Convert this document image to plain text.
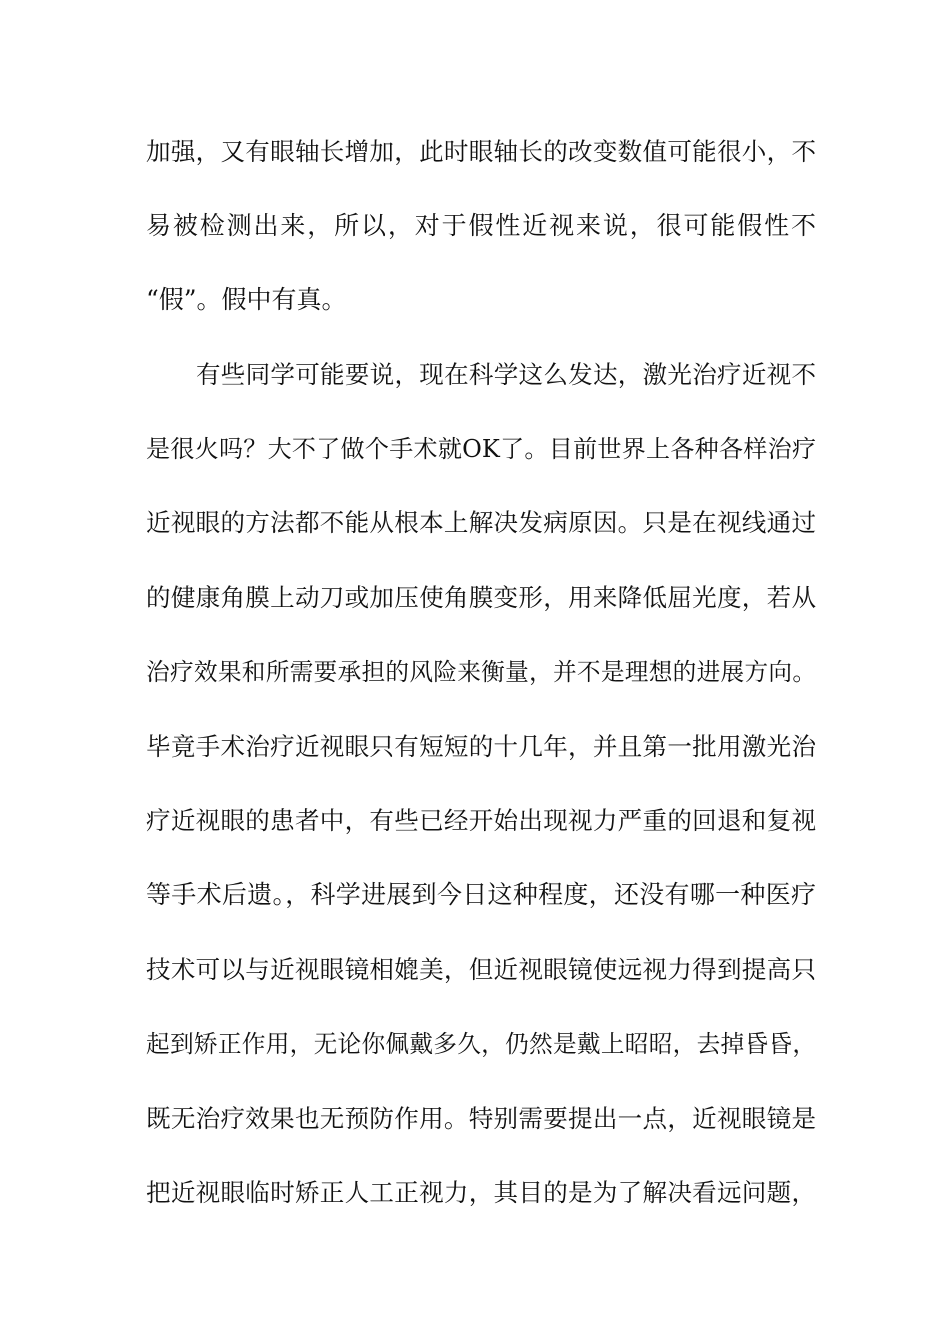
加强，又有眼轴长增加，此时眼轴长的改变数值可能很小，不
易被检测出来，所以，对于假性近视来说，很可能假性不
“假”。假中有真。
有些同学可能要说，现在科学这么发达，激光治疗近视不
是很火吗？大不了做个手术就OK了。目前世界上各种各样治疗
近视眼的方法都不能从根本上解决发病原因。只是在视线通过
的健康角膜上动刀或加压使角膜变形，用来降低屈光度，若从
治疗效果和所需要承担的风险来衡量，并不是理想的进展方向。
毕竟手术治疗近视眼只有短短的十几年，并且第一批用激光治
疗近视眼的患者中，有些已经开始出现视力严重的回退和复视
等手术后遗。，科学进展到今日这种程度，还没有哪一种医疗
技术可以与近视眼镜相媲美，但近视眼镜使远视力得到提高只
起到矫正作用，无论你佩戴多久，仍然是戴上昭昭，去掉昏昏，
既无治疗效果也无预防作用。特别需要提出一点，近视眼镜是
把近视眼临时矫正人工正视力，其目的是为了解决看远问题，
